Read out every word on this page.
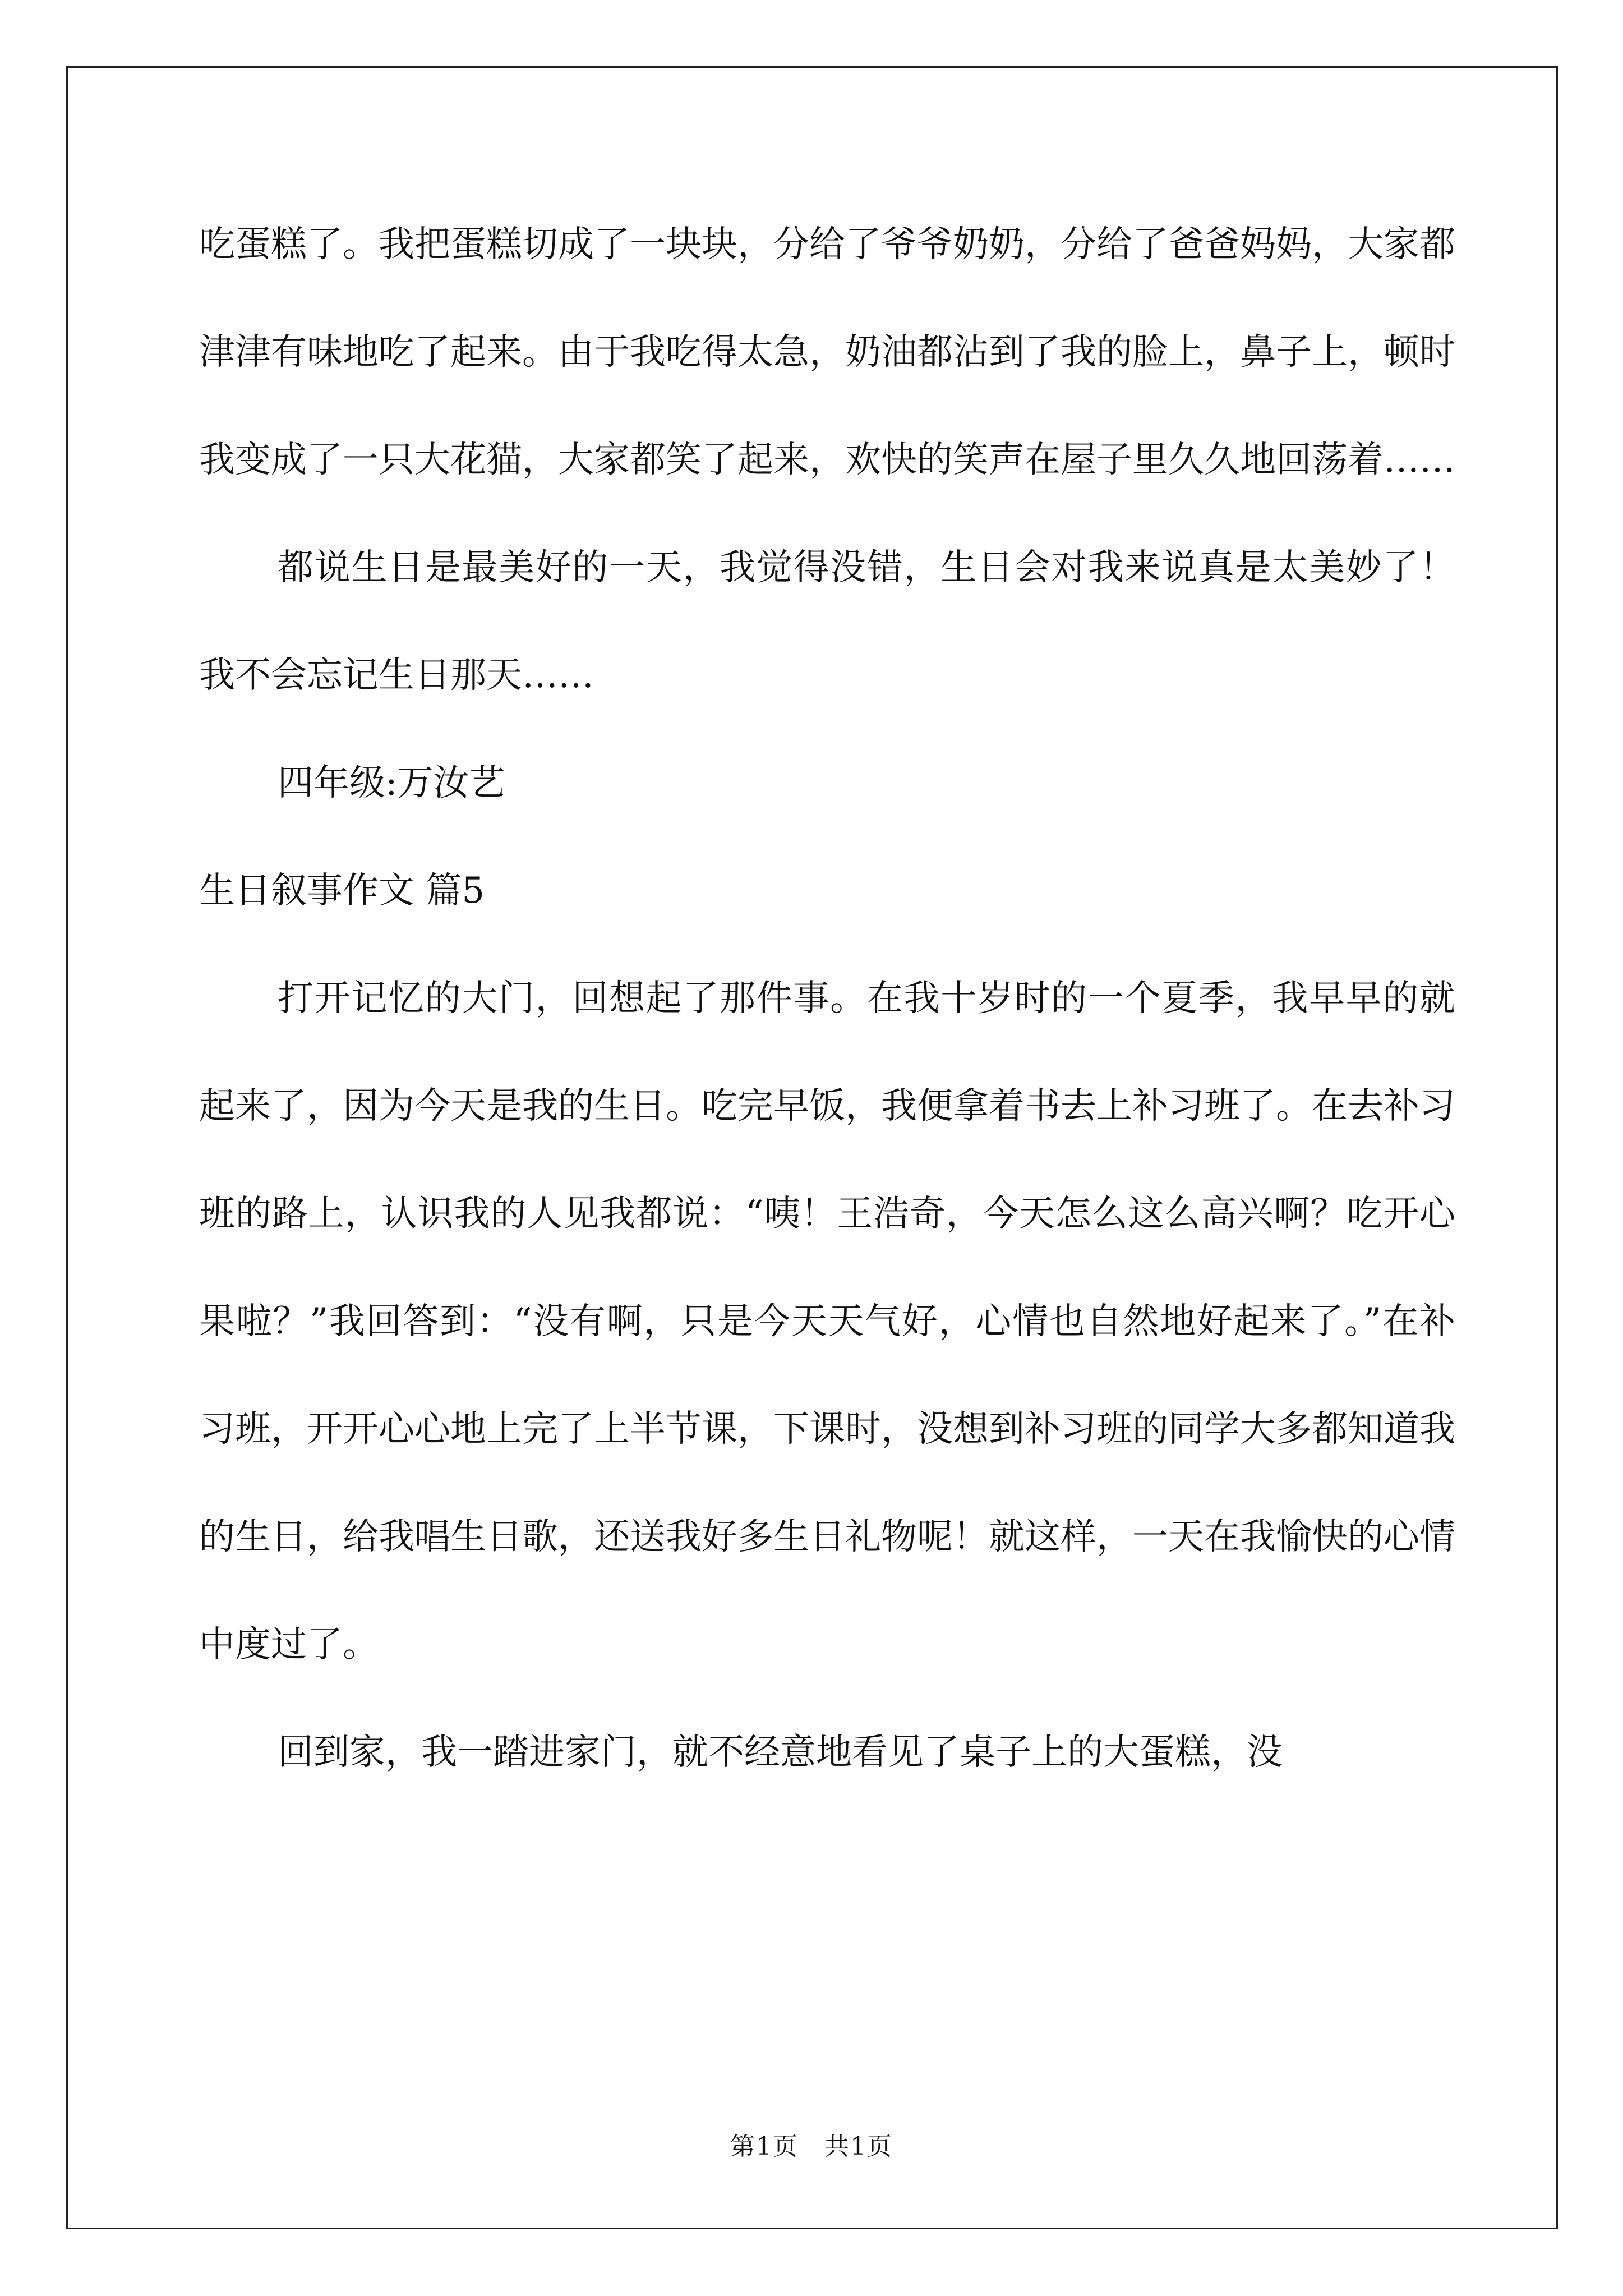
吃蛋糕了。我把蛋糕切成了一块块，分给了爷爷奶奶，分给了爸爸妈妈，大家都津津有味地吃了起来。由于我吃得太急，奶油都沾到了我的脸上，鼻子上，顿时我变成了一只大花猫，大家都笑了起来，欢快的笑声在屋子里久久地回荡着……

都说生日是最美好的一天，我觉得没错，生日会对我来说真是太美妙了！我不会忘记生日那天……

四年级:万汝艺

生日叙事作文 篇5

打开记忆的大门，回想起了那件事。在我十岁时的一个夏季，我早早的就起来了，因为今天是我的生日。吃完早饭，我便拿着书去上补习班了。在去补习班的路上，认识我的人见我都说：“咦！王浩奇，今天怎么这么高兴啊？吃开心果啦？”我回答到：“没有啊，只是今天天气好，心情也自然地好起来了。”在补习班，开开心心地上完了上半节课，下课时，没想到补习班的同学大多都知道我的生日，给我唱生日歌，还送我好多生日礼物呢！就这样，一天在我愉快的心情中度过了。

回到家，我一踏进家门，就不经意地看见了桌子上的大蛋糕，没

第1页　共1页
